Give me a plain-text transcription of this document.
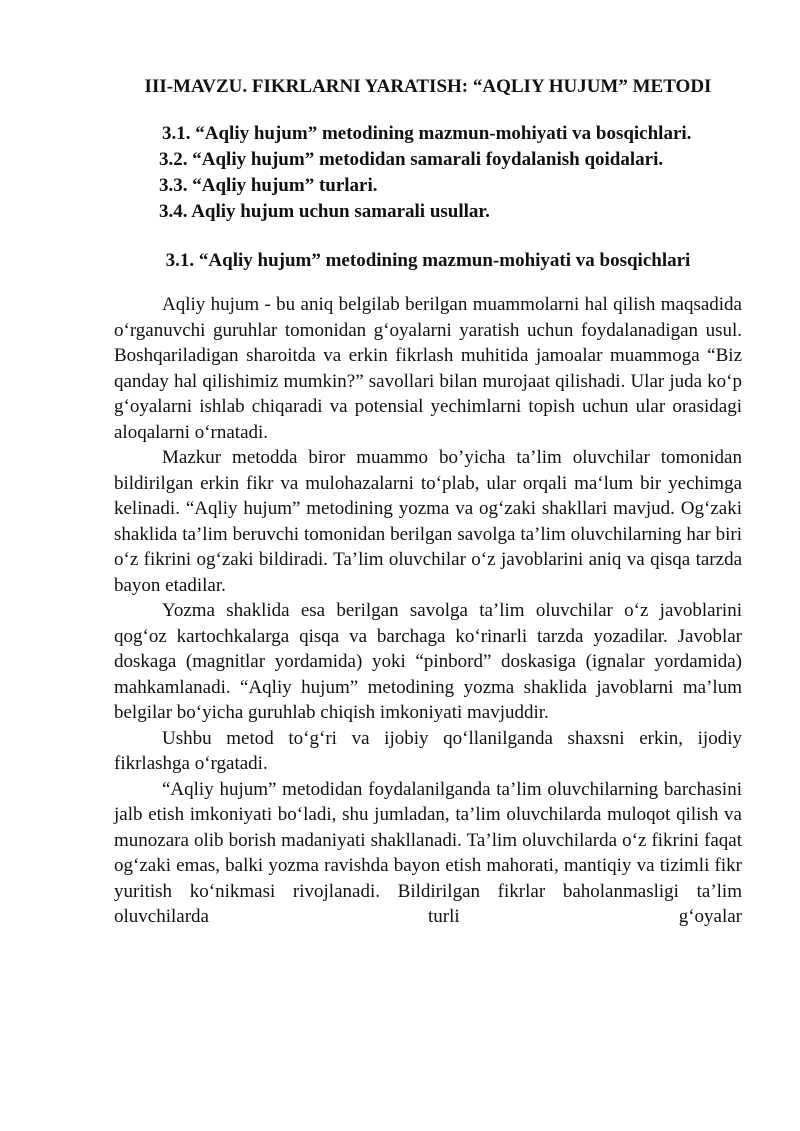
III-MAVZU. FIKRLARNI YARATISH: “AQLIY HUJUM” METODI

3.1. “Aqliy hujum” metodining mazmun-mohiyati va bosqichlari.

3.2. “Aqliy hujum” metodidan samarali foydalanish qoidalari.

3.3. “Aqliy hujum” turlari.

3.4. Aqliy hujum uchun samarali usullar.

3.1. “Aqliy hujum” metodining mazmun-mohiyati va bosqichlari

Aqliy hujum - bu aniq belgilab berilgan muammolarni hal qilish maqsadida oʻrganuvchi guruhlar tomonidan gʻoyalarni yaratish uchun foydalanadigan usul. Boshqariladigan sharoitda va erkin fikrlash muhitida jamoalar muammoga “Biz qanday hal qilishimiz mumkin?” savollari bilan murojaat qilishadi. Ular juda koʻp gʻoyalarni ishlab chiqaradi va potensial yechimlarni topish uchun ular orasidagi aloqalarni oʻrnatadi.

Mazkur metodda biror muammo bo’yicha ta’lim oluvchilar tomonidan bildirilgan erkin fikr va mulohazalarni toʻplab, ular orqali maʻlum bir yechimga kelinadi. “Aqliy hujum” metodining yozma va ogʻzaki shakllari mavjud. Ogʻzaki shaklida ta’lim beruvchi tomonidan berilgan savolga ta’lim oluvchilarning har biri oʻz fikrini ogʻzaki bildiradi. Ta’lim oluvchilar oʻz javoblarini aniq va qisqa tarzda bayon etadilar.

Yozma shaklida esa berilgan savolga ta’lim oluvchilar oʻz javoblarini qogʻoz kartochkalarga qisqa va barchaga koʻrinarli tarzda yozadilar. Javoblar doskaga (magnitlar yordamida) yoki “pinbord” doskasiga (ignalar yordamida) mahkamlanadi. “Aqliy hujum” metodining yozma shaklida javoblarni ma’lum belgilar boʻyicha guruhlab chiqish imkoniyati mavjuddir.

Ushbu metod toʻgʻri va ijobiy qoʻllanilganda shaxsni erkin, ijodiy fikrlashga oʻrgatadi.

“Aqliy hujum” metodidan foydalanilganda ta’lim oluvchilarning barchasini jalb etish imkoniyati boʻladi, shu jumladan, ta’lim oluvchilarda muloqot qilish va munozara olib borish madaniyati shakllanadi. Ta’lim oluvchilarda oʻz fikrini faqat ogʻzaki emas, balki yozma ravishda bayon etish mahorati, mantiqiy va tizimli fikr yuritish koʻnikmasi rivojlanadi. Bildirilgan fikrlar baholanmasligi ta’lim oluvchilarda turli gʻoyalar
